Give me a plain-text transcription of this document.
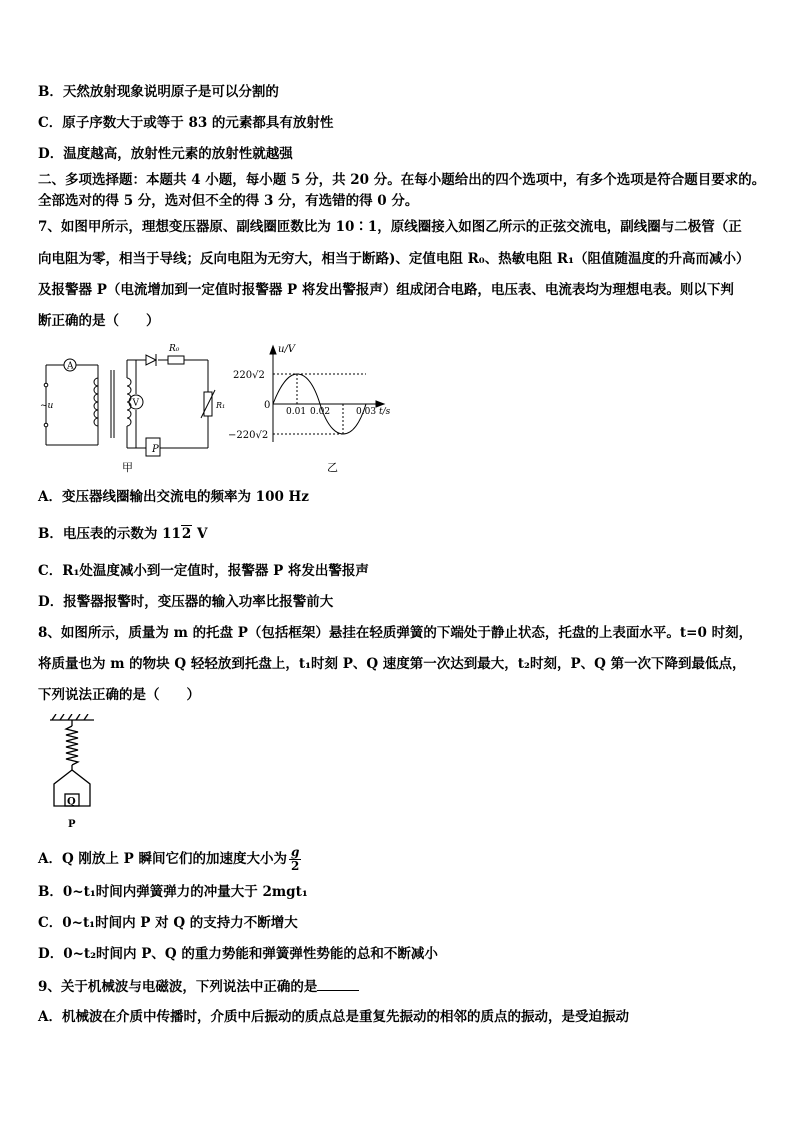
B．天然放射现象说明原子是可以分割的
C．原子序数大于或等于 83 的元素都具有放射性
D．温度越高，放射性元素的放射性就越强
二、多项选择题：本题共 4 小题，每小题 5 分，共 20 分。在每小题给出的四个选项中，有多个选项是符合题目要求的。
全部选对的得 5 分，选对但不全的得 3 分，有选错的得 0 分。
7、如图甲所示，理想变压器原、副线圈匝数比为 10∶1，原线圈接入如图乙所示的正弦交流电，副线圈与二极管（正
向电阻为零，相当于导线；反向电阻为无穷大，相当于断路)、定值电阻 R₀、热敏电阻 R₁（阻值随温度的升高而减小）
及报警器 P（电流增加到一定值时报警器 P 将发出警报声）组成闭合电路，电压表、电流表均为理想电表。则以下判
断正确的是（　　）
A
V
P
R₀
R₁
~u
甲
u/V
220√2
0
−220√2
0.01 0.02	0.03 t/s
乙
A．变压器线圈输出交流电的频率为 100 Hz
B．电压表的示数为 112 V
C．R₁处温度减小到一定值时，报警器 P 将发出警报声
D．报警器报警时，变压器的输入功率比报警前大
8、如图所示，质量为 m 的托盘 P（包括框架）悬挂在轻质弹簧的下端处于静止状态，托盘的上表面水平。t=0 时刻，
将质量也为 m 的物块 Q 轻轻放到托盘上，t₁时刻 P、Q 速度第一次达到最大，t₂时刻，P、Q 第一次下降到最低点，
下列说法正确的是（　　）
Q
P
A．Q 刚放上 P 瞬间它们的加速度大小为 $\frac{g}{2}$
B．0~t₁时间内弹簧弹力的冲量大于 2mgt₁
C．0~t₁时间内 P 对 Q 的支持力不断增大
D．0~t₂时间内 P、Q 的重力势能和弹簧弹性势能的总和不断减小
9、关于机械波与电磁波，下列说法中正确的是
A．机械波在介质中传播时，介质中后振动的质点总是重复先振动的相邻的质点的振动，是受迫振动
